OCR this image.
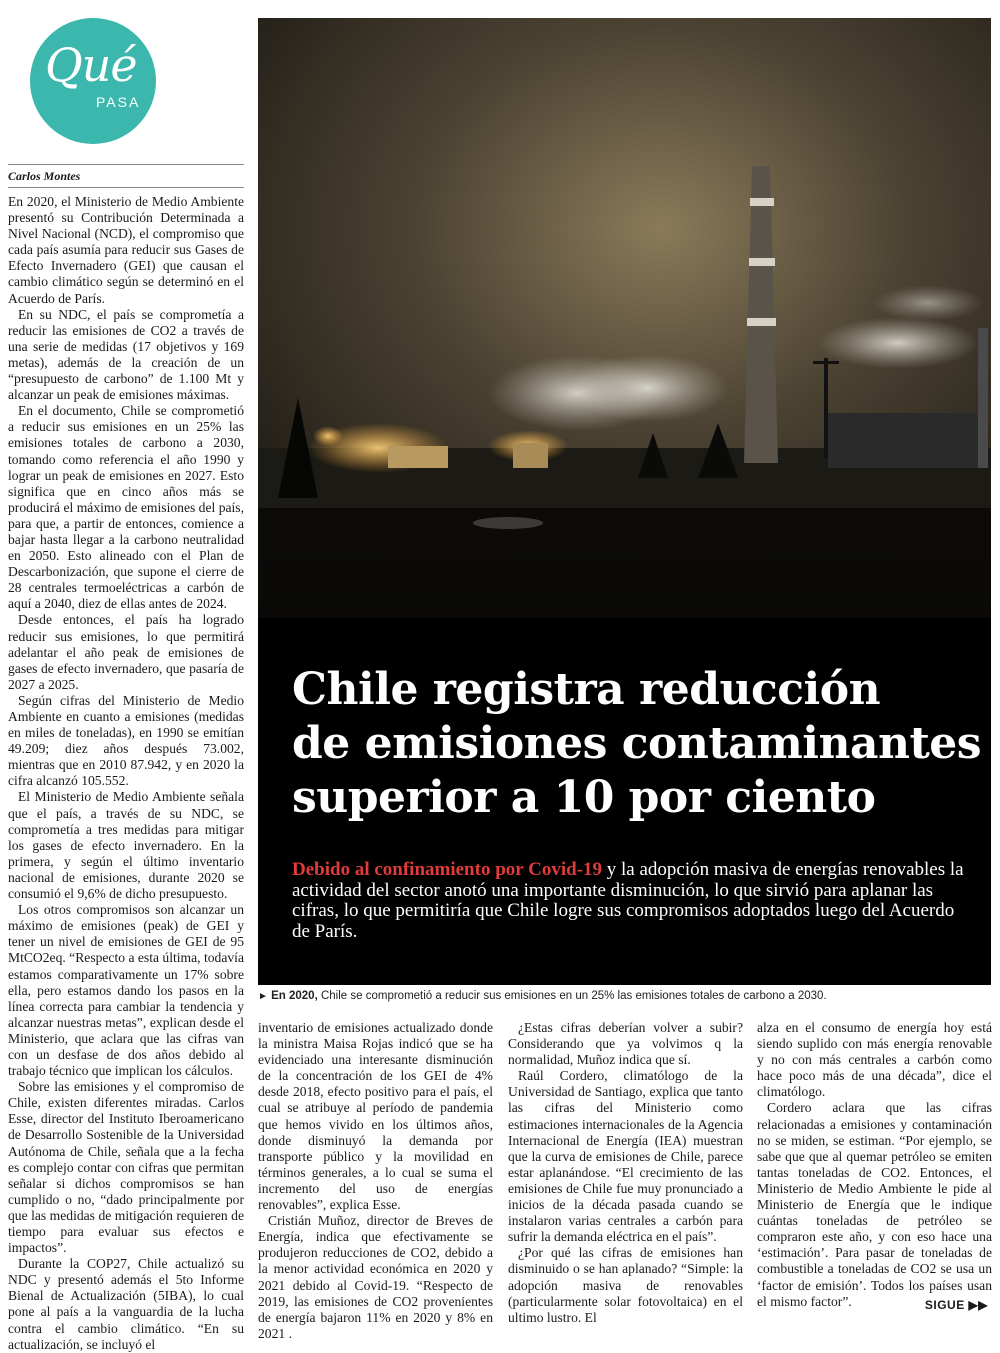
Qué
PASA
Carlos Montes

En 2020, el Ministerio de Medio Ambiente presentó su Contribución Determinada a Nivel Nacional (NCD), el compromiso que cada país asumía para reducir sus Gases de Efecto Invernadero (GEI) que causan el cambio climático según se determinó en el Acuerdo de París.

En su NDC, el país se comprometía a reducir las emisiones de CO2 a través de una serie de medidas (17 objetivos y 169 metas), además de la creación de un “presupuesto de carbono” de 1.100 Mt y alcanzar un peak de emisiones máximas.

En el documento, Chile se comprometió a reducir sus emisiones en un 25% las emisiones totales de carbono a 2030, tomando como referencia el año 1990 y lograr un peak de emisiones en 2027. Esto significa que en cinco años más se producirá el máximo de emisiones del país, para que, a partir de entonces, comience a bajar hasta llegar a la carbono neutralidad en 2050. Esto alineado con el Plan de Descarbonización, que supone el cierre de 28 centrales termoeléctricas a carbón de aquí a 2040, diez de ellas antes de 2024.

Desde entonces, el país ha logrado reducir sus emisiones, lo que permitirá adelantar el año peak de emisiones de gases de efecto invernadero, que pasaría de 2027 a 2025.

Según cifras del Ministerio de Medio Ambiente en cuanto a emisiones (medidas en miles de toneladas), en 1990 se emitían 49.209; diez años después 73.002, mientras que en 2010 87.942, y en 2020 la cifra alcanzó 105.552.

El Ministerio de Medio Ambiente señala que el país, a través de su NDC, se comprometía a tres medidas para mitigar los gases de efecto invernadero. En la primera, y según el último inventario nacional de emisiones, durante 2020 se consumió el 9,6% de dicho presupuesto.

Los otros compromisos son alcanzar un máximo de emisiones (peak) de GEI y tener un nivel de emisiones de GEI de 95 MtCO2eq. “Respecto a esta última, todavía estamos comparativamente un 17% sobre ella, pero estamos dando los pasos en la línea correcta para cambiar la tendencia y alcanzar nuestras metas”, explican desde el Ministerio, que aclara que las cifras van con un desfase de dos años debido al trabajo técnico que implican los cálculos.

Sobre las emisiones y el compromiso de Chile, existen diferentes miradas. Carlos Esse, director del Instituto Iberoamericano de Desarrollo Sostenible de la Universidad Autónoma de Chile, señala que a la fecha es complejo contar con cifras que permitan señalar si dichos compromisos se han cumplido o no, “dado principalmente por que las medidas de mitigación requieren de tiempo para evaluar sus efectos e impactos”.

Durante la COP27, Chile actualizó su NDC y presentó además el 5to Informe Bienal de Actualización (5IBA), lo cual pone al país a la vanguardia de la lucha contra el cambio climático. “En su actualización, se incluyó el

Chile registra reducción
de emisiones contaminantes
superior a 10 por ciento
Debido al confinamiento por Covid-19 y la adopción masiva de energías renovables la actividad del sector anotó una importante disminución, lo que sirvió para aplanar las cifras, lo que permitiría que Chile logre sus compromisos adoptados luego del Acuerdo de París.
► En 2020, Chile se comprometió a reducir sus emisiones en un 25% las emisiones totales de carbono a 2030.

inventario de emisiones actualizado donde la ministra Maisa Rojas indicó que se ha evidenciado una interesante disminución de la concentración de los GEI de 4% desde 2018, efecto positivo para el país, el cual se atribuye al período de pandemia que hemos vivido en los últimos años, donde disminuyó la demanda por transporte público y la movilidad en términos generales, a lo cual se suma el incremento del uso de energías renovables”, explica Esse.

Cristián Muñoz, director de Breves de Energía, indica que efectivamente se produjeron reducciones de CO2, debido a la menor actividad económica en 2020 y 2021 debido al Covid-19. “Respecto de 2019, las emisiones de CO2 provenientes de energía bajaron 11% en 2020 y 8% en 2021 .

¿Estas cifras deberían volver a subir? Considerando que ya volvimos q la normalidad, Muñoz indica que sí.

Raúl Cordero, climatólogo de la Universidad de Santiago, explica que tanto las cifras del Ministerio como estimaciones internacionales de la Agencia Internacional de Energía (IEA) muestran que la curva de emisiones de Chile, parece estar aplanándose. “El crecimiento de las emisiones de Chile fue muy pronunciado a inicios de la década pasada cuando se instalaron varias centrales a carbón para sufrir la demanda eléctrica en el país”.

¿Por qué las cifras de emisiones han disminuido o se han aplanado? “Simple: la adopción masiva de renovables (particularmente solar fotovoltaica) en el ultimo lustro. El

alza en el consumo de energía hoy está siendo suplido con más energía renovable y no con más centrales a carbón como hace poco más de una década”, dice el climatólogo.

Cordero aclara que las cifras relacionadas a emisiones y contaminación no se miden, se estiman. “Por ejemplo, se sabe que que al quemar petróleo se emiten tantas toneladas de CO2. Entonces, el Ministerio de Medio Ambiente le pide al Ministerio de Energía que le indique cuántas toneladas de petróleo se compraron este año, y con eso hace una ‘estimación’. Para pasar de toneladas de combustible a toneladas de CO2 se usa un ‘factor de emisión’. Todos los países usan el mismo factor”.	SIGUE ▶▶
